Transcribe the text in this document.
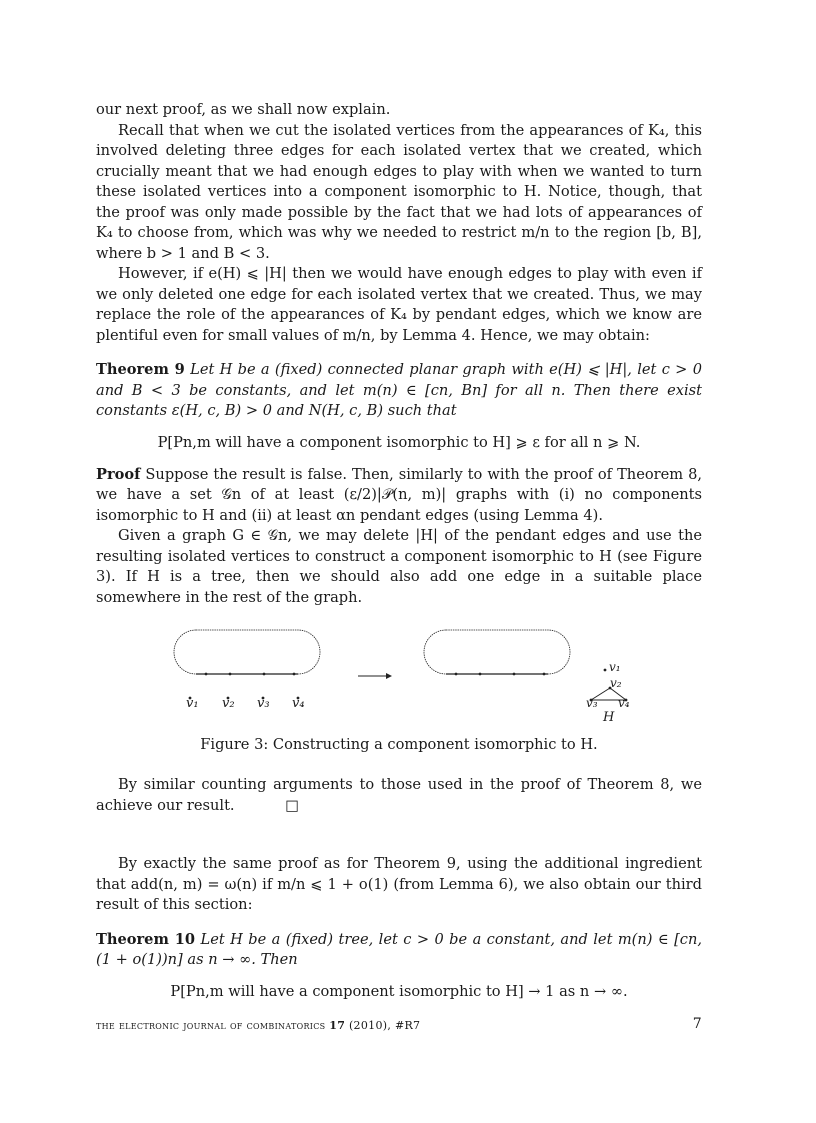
our next proof, as we shall now explain.

Recall that when we cut the isolated vertices from the appearances of K₄, this involved deleting three edges for each isolated vertex that we created, which crucially meant that we had enough edges to play with when we wanted to turn these isolated vertices into a component isomorphic to H. Notice, though, that the proof was only made possible by the fact that we had lots of appearances of K₄ to choose from, which was why we needed to restrict m/n to the region [b, B], where b > 1 and B < 3.

However, if e(H) ⩽ |H| then we would have enough edges to play with even if we only deleted one edge for each isolated vertex that we created. Thus, we may replace the role of the appearances of K₄ by pendant edges, which we know are plentiful even for small values of m/n, by Lemma 4. Hence, we may obtain:

Theorem 9 Let H be a (fixed) connected planar graph with e(H) ⩽ |H|, let c > 0 and B < 3 be constants, and let m(n) ∈ [cn, Bn] for all n. Then there exist constants ε(H, c, B) > 0 and N(H, c, B) such that

P[Pn,m will have a component isomorphic to H] ⩾ ε for all n ⩾ N.

Proof Suppose the result is false. Then, similarly to with the proof of Theorem 8, we have a set 𝒢n of at least (ε/2)|𝒫(n, m)| graphs with (i) no components isomorphic to H and (ii) at least αn pendant edges (using Lemma 4).

Given a graph G ∈ 𝒢n, we may delete |H| of the pendant edges and use the resulting isolated vertices to construct a component isomorphic to H (see Figure 3). If H is a tree, then we should also add one edge in a suitable place somewhere in the rest of the graph.

v₁ v₂ v₃ v₄
v₁
v₂
v₃ v₄
H
Figure 3: Constructing a component isomorphic to H.

By similar counting arguments to those used in the proof of Theorem 8, we achieve our result.	□

By exactly the same proof as for Theorem 9, using the additional ingredient that add(n, m) = ω(n) if m/n ⩽ 1 + o(1) (from Lemma 6), we also obtain our third result of this section:

Theorem 10 Let H be a (fixed) tree, let c > 0 be a constant, and let m(n) ∈ [cn, (1 + o(1))n] as n → ∞. Then

P[Pn,m will have a component isomorphic to H] → 1 as n → ∞.
the electronic journal of combinatorics 17 (2010), #R7	7
